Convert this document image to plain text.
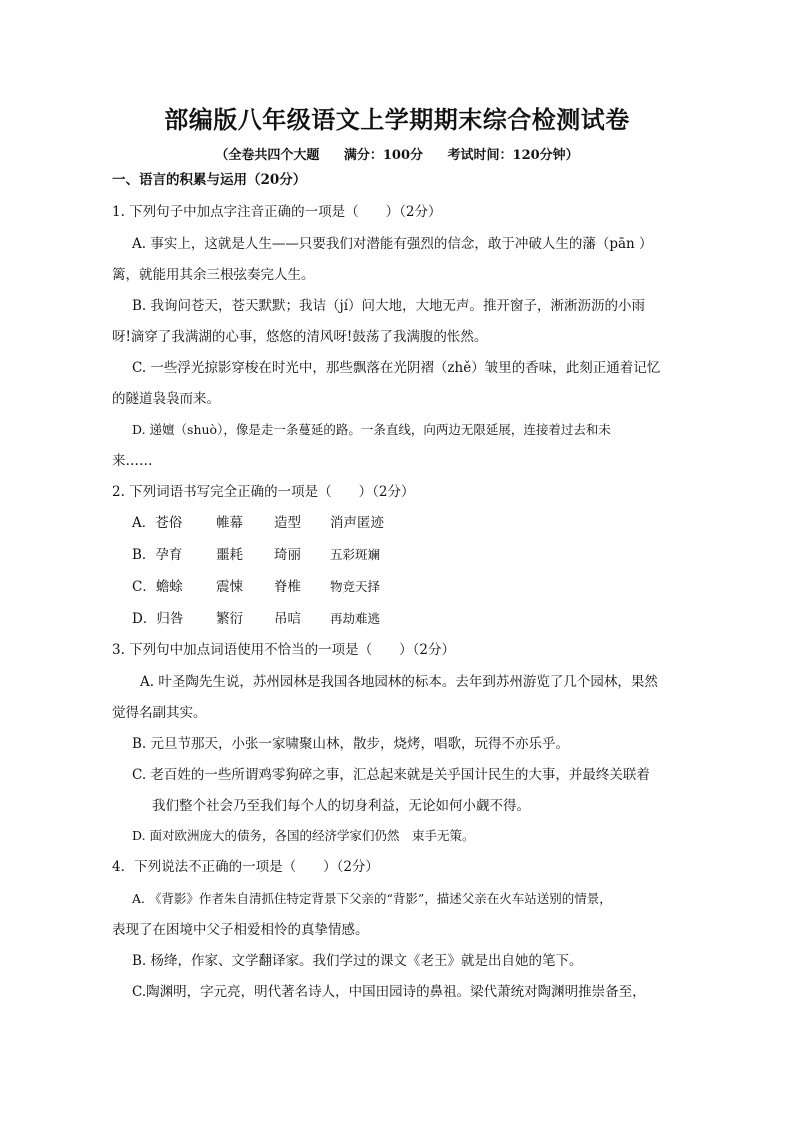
部编版八年级语文上学期期末综合检测试卷
（全卷共四个大题 满分：100分 考试时间：120分钟）
一、语言的积累与运用（20分）
1. 下列句子中加点字注音正确的一项是（　　）（2分）
A. 事实上，这就是人生——只要我们对潜能有强烈的信念，敢于冲破人生的藩（pān ）
篱，就能用其余三根弦奏完人生。
B. 我询问苍天，苍天默默；我诘（jí）问大地，大地无声。推开窗子，淅淅沥沥的小雨
呀!滴穿了我满湖的心事，悠悠的清风呀!鼓荡了我满腹的怅然。
C. 一些浮光掠影穿梭在时光中，那些飘落在光阴褶（zhě）皱里的香味，此刻正通着记忆
的隧道袅袅而来。
D. 递嬗（shuò），像是走一条蔓延的路。一条直线，向两边无限延展，连接着过去和未
来……
2. 下列词语书写完全正确的一项是（　　）（2分）
A．苍俗	帷幕 造型 消声匿迹
B．孕育 噩耗 琦丽 五彩斑斓
C．蟾蜍 震悚 脊椎 物竞天择
D．归咎 繁衍 吊唁 再劫难逃
3. 下列句中加点词语使用不恰当的一项是（　　）（2分）
A. 叶圣陶先生说，苏州园林是我国各地园林的标本。去年到苏州游览了几个园林，果然
觉得名副其实。
B. 元旦节那天，小张一家啸聚山林，散步，烧烤，唱歌，玩得不亦乐乎。
C. 老百姓的一些所谓鸡零狗碎之事，汇总起来就是关乎国计民生的大事，并最终关联着
我们整个社会乃至我们每个人的切身利益，无论如何小觑不得。
D. 面对欧洲庞大的债务，各国的经济学家们仍然　束手无策。
4．下列说法不正确的一项是（　　）（2分）
A. 《背影》作者朱自清抓住特定背景下父亲的“背影”，描述父亲在火车站送别的情景，
表现了在困境中父子相爱相怜的真挚情感。
B. 杨绛，作家、文学翻译家。我们学过的课文《老王》就是出自她的笔下。
C.陶渊明，字元亮，明代著名诗人，中国田园诗的鼻祖。梁代萧统对陶渊明推崇备至，
